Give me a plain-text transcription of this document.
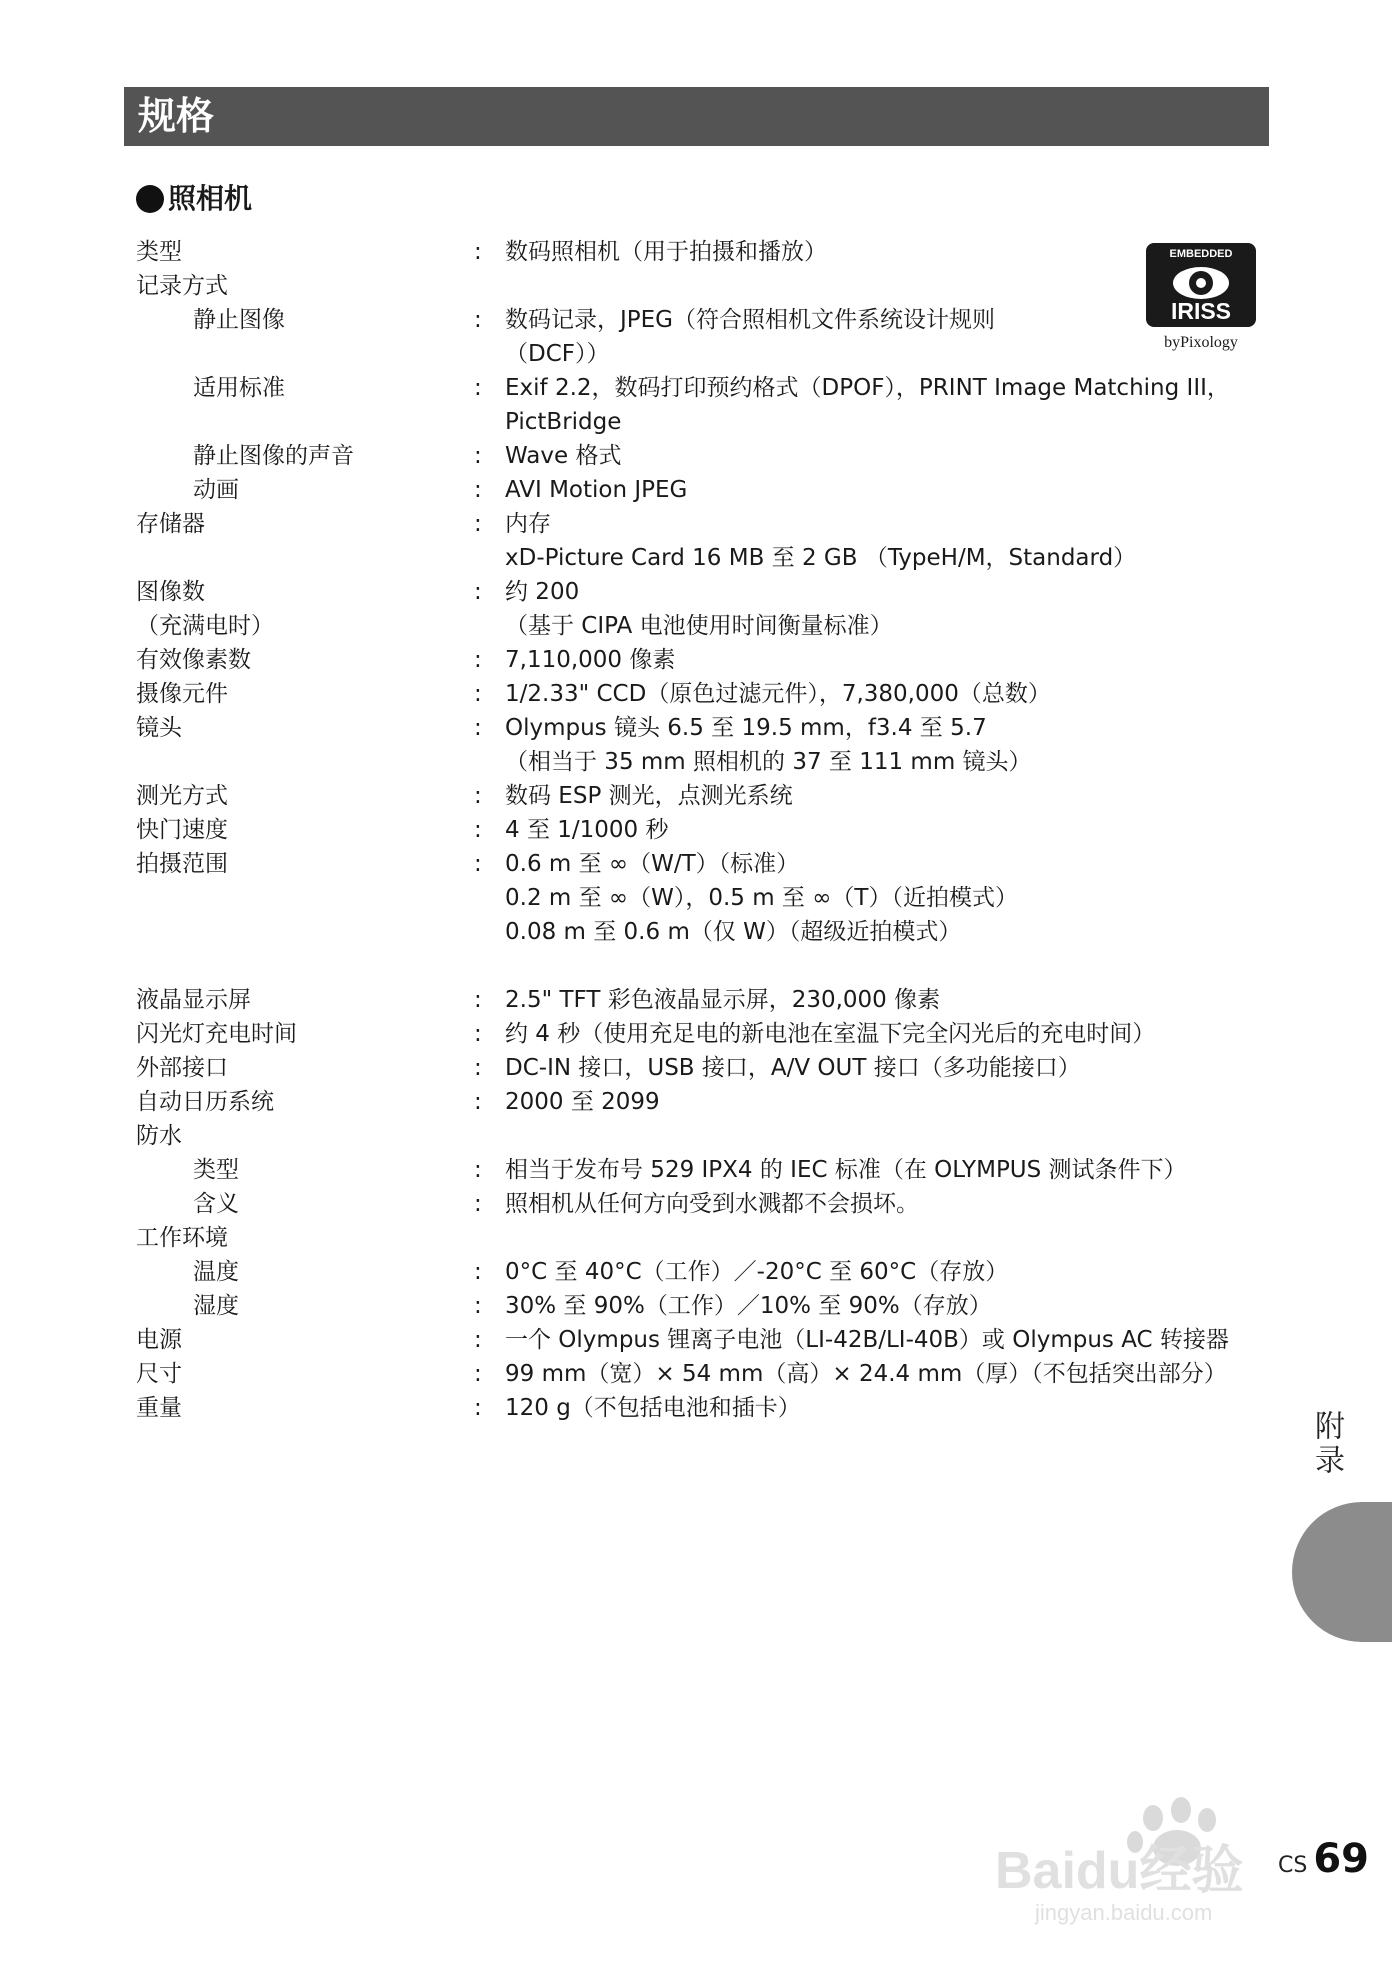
规格
照相机
类型	: 数码照相机（用于拍摄和播放）
记录方式
静止图像	: 数码记录，JPEG（符合照相机文件系统设计规则
（DCF））
适用标准	: Exif 2.2，数码打印预约格式（DPOF），PRINT Image Matching III，
PictBridge
静止图像的声音	: Wave 格式
动画	: AVI Motion JPEG
存储器	: 内存
xD-Picture Card 16 MB 至 2 GB （TypeH/M，Standard）
图像数	: 约 200
（充满电时）	（基于 CIPA 电池使用时间衡量标准）
有效像素数	: 7,110,000 像素
摄像元件	: 1/2.33" CCD（原色过滤元件），7,380,000（总数）
镜头	: Olympus 镜头 6.5 至 19.5 mm，f3.4 至 5.7
（相当于 35 mm 照相机的 37 至 111 mm 镜头）
测光方式	: 数码 ESP 测光，点测光系统
快门速度	: 4 至 1/1000 秒
拍摄范围	: 0.6 m 至 ∞（W/T）（标准）
0.2 m 至 ∞（W），0.5 m 至 ∞（T）（近拍模式）
0.08 m 至 0.6 m（仅 W）（超级近拍模式）
液晶显示屏	: 2.5" TFT 彩色液晶显示屏，230,000 像素
闪光灯充电时间	: 约 4 秒（使用充足电的新电池在室温下完全闪光后的充电时间）
外部接口	: DC-IN 接口，USB 接口，A/V OUT 接口（多功能接口）
自动日历系统	: 2000 至 2099
防水
类型	: 相当于发布号 529 IPX4 的 IEC 标准（在 OLYMPUS 测试条件下）
含义	: 照相机从任何方向受到水溅都不会损坏。
工作环境
温度	: 0°C 至 40°C（工作）／-20°C 至 60°C（存放）
湿度	: 30% 至 90%（工作）／10% 至 90%（存放）
电源	: 一个 Olympus 锂离子电池（LI-42B/LI-40B）或 Olympus AC 转接器
尺寸	: 99 mm（宽）× 54 mm（高）× 24.4 mm（厚）（不包括突出部分）
重量	: 120 g（不包括电池和插卡）
EMBEDDED
IRISS
byPixology
附录
Baidu经验
jingyan.baidu.com
CS 69
